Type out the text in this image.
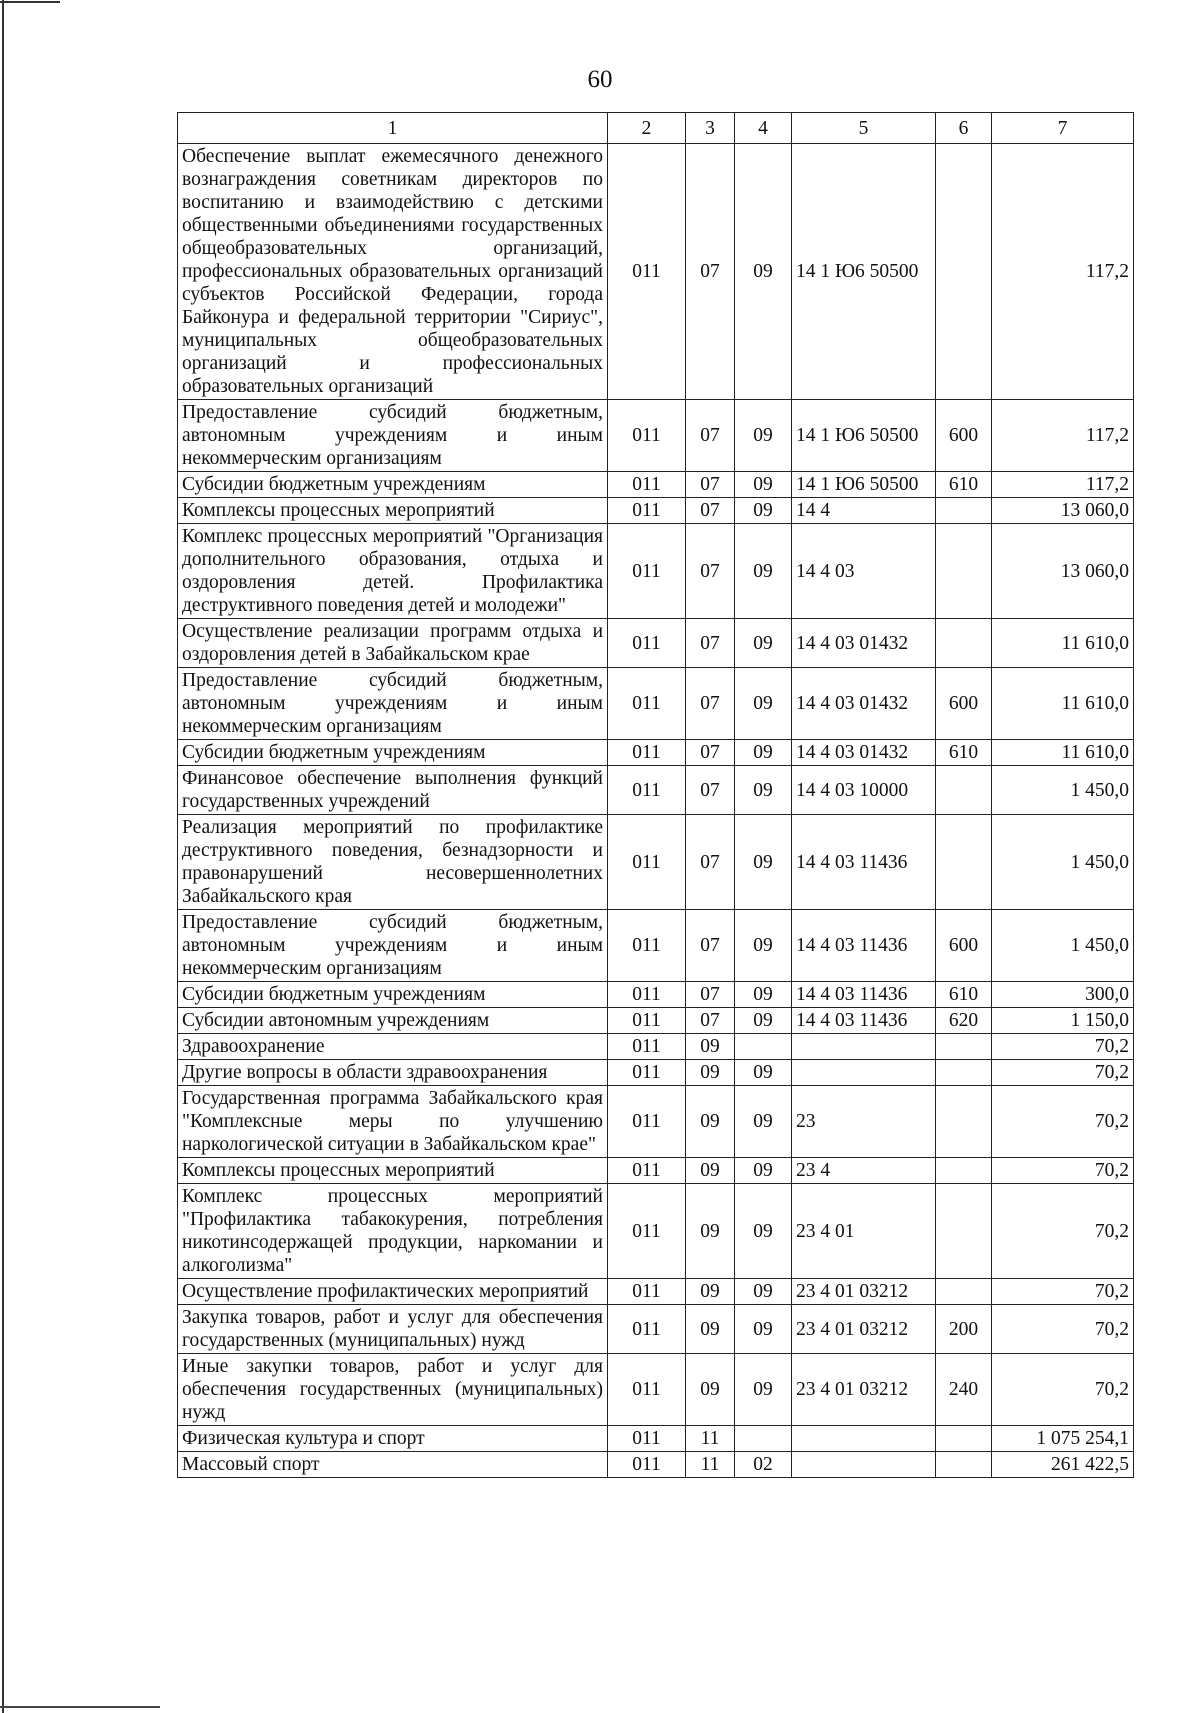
60
1	2	3	4	5	6	7
Обеспечение выплат ежемесячного денежного вознаграждения советникам директоров по воспитанию и взаимодействию с детскими общественными объединениями государственных общеобразовательных организаций, профессиональных образовательных организаций субъектов Российской Федерации, города Байконура и федеральной территории "Сириус", муниципальных общеобразовательных организаций и профессиональных образовательных организаций	011	07	09	14 1 Ю6 50500		117,2
Предоставление субсидий бюджетным, автономным учреждениям и иным некоммерческим организациям	011	07	09	14 1 Ю6 50500	600	117,2
Субсидии бюджетным учреждениям	011	07	09	14 1 Ю6 50500	610	117,2
Комплексы процессных мероприятий	011	07	09	14 4		13 060,0
Комплекс процессных мероприятий "Организация дополнительного образования, отдыха и оздоровления детей. Профилактика деструктивного поведения детей и молодежи"	011	07	09	14 4 03		13 060,0
Осуществление реализации программ отдыха и оздоровления детей в Забайкальском крае	011	07	09	14 4 03 01432		11 610,0
Предоставление субсидий бюджетным, автономным учреждениям и иным некоммерческим организациям	011	07	09	14 4 03 01432	600	11 610,0
Субсидии бюджетным учреждениям	011	07	09	14 4 03 01432	610	11 610,0
Финансовое обеспечение выполнения функций государственных учреждений	011	07	09	14 4 03 10000		1 450,0
Реализация мероприятий по профилактике деструктивного поведения, безнадзорности и правонарушений несовершеннолетних Забайкальского края	011	07	09	14 4 03 11436		1 450,0
Предоставление субсидий бюджетным, автономным учреждениям и иным некоммерческим организациям	011	07	09	14 4 03 11436	600	1 450,0
Субсидии бюджетным учреждениям	011	07	09	14 4 03 11436	610	300,0
Субсидии автономным учреждениям	011	07	09	14 4 03 11436	620	1 150,0
Здравоохранение	011	09				70,2
Другие вопросы в области здравоохранения	011	09	09			70,2
Государственная программа Забайкальского края "Комплексные меры по улучшению наркологической ситуации в Забайкальском крае"	011	09	09	23		70,2
Комплексы процессных мероприятий	011	09	09	23 4		70,2
Комплекс процессных мероприятий "Профилактика табакокурения, потребления никотинсодержащей продукции, наркомании и алкоголизма"	011	09	09	23 4 01		70,2
Осуществление профилактических мероприятий	011	09	09	23 4 01 03212		70,2
Закупка товаров, работ и услуг для обеспечения государственных (муниципальных) нужд	011	09	09	23 4 01 03212	200	70,2
Иные закупки товаров, работ и услуг для обеспечения государственных (муниципальных) нужд	011	09	09	23 4 01 03212	240	70,2
Физическая культура и спорт	011	11				1 075 254,1
Массовый спорт	011	11	02			261 422,5
